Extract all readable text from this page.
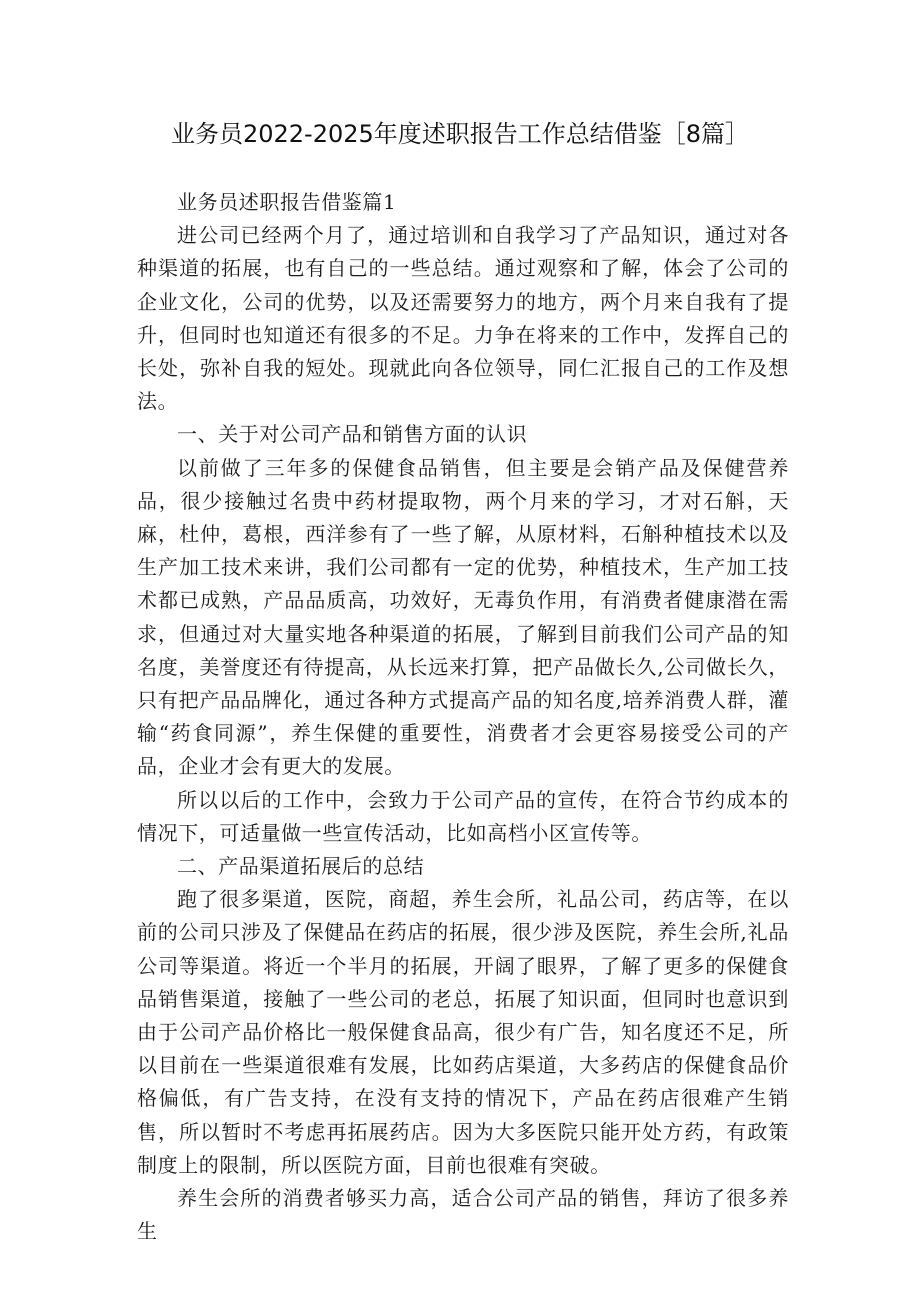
业务员2022-2025年度述职报告工作总结借鉴［8篇］

业务员述职报告借鉴篇1

进公司已经两个月了，通过培训和自我学习了产品知识，通过对各种渠道的拓展，也有自己的一些总结。通过观察和了解，体会了公司的企业文化，公司的优势，以及还需要努力的地方，两个月来自我有了提升，但同时也知道还有很多的不足。力争在将来的工作中，发挥自己的长处，弥补自我的短处。现就此向各位领导，同仁汇报自己的工作及想法。

一、关于对公司产品和销售方面的认识

以前做了三年多的保健食品销售，但主要是会销产品及保健营养品，很少接触过名贵中药材提取物，两个月来的学习，才对石斛，天麻，杜仲，葛根，西洋参有了一些了解，从原材料，石斛种植技术以及生产加工技术来讲，我们公司都有一定的优势，种植技术，生产加工技术都已成熟，产品品质高，功效好，无毒负作用，有消费者健康潜在需求，但通过对大量实地各种渠道的拓展，了解到目前我们公司产品的知名度，美誉度还有待提高，从长远来打算，把产品做长久,公司做长久，只有把产品品牌化，通过各种方式提高产品的知名度,培养消费人群，灌输“药食同源”，养生保健的重要性，消费者才会更容易接受公司的产品，企业才会有更大的发展。

所以以后的工作中，会致力于公司产品的宣传，在符合节约成本的情况下，可适量做一些宣传活动，比如高档小区宣传等。

二、产品渠道拓展后的总结

跑了很多渠道，医院，商超，养生会所，礼品公司，药店等，在以前的公司只涉及了保健品在药店的拓展，很少涉及医院，养生会所,礼品公司等渠道。将近一个半月的拓展，开阔了眼界，了解了更多的保健食品销售渠道，接触了一些公司的老总，拓展了知识面，但同时也意识到由于公司产品价格比一般保健食品高，很少有广告，知名度还不足，所以目前在一些渠道很难有发展，比如药店渠道，大多药店的保健食品价格偏低，有广告支持，在没有支持的情况下，产品在药店很难产生销售，所以暂时不考虑再拓展药店。因为大多医院只能开处方药，有政策制度上的限制，所以医院方面，目前也很难有突破。

养生会所的消费者够买力高，适合公司产品的销售，拜访了很多养生
